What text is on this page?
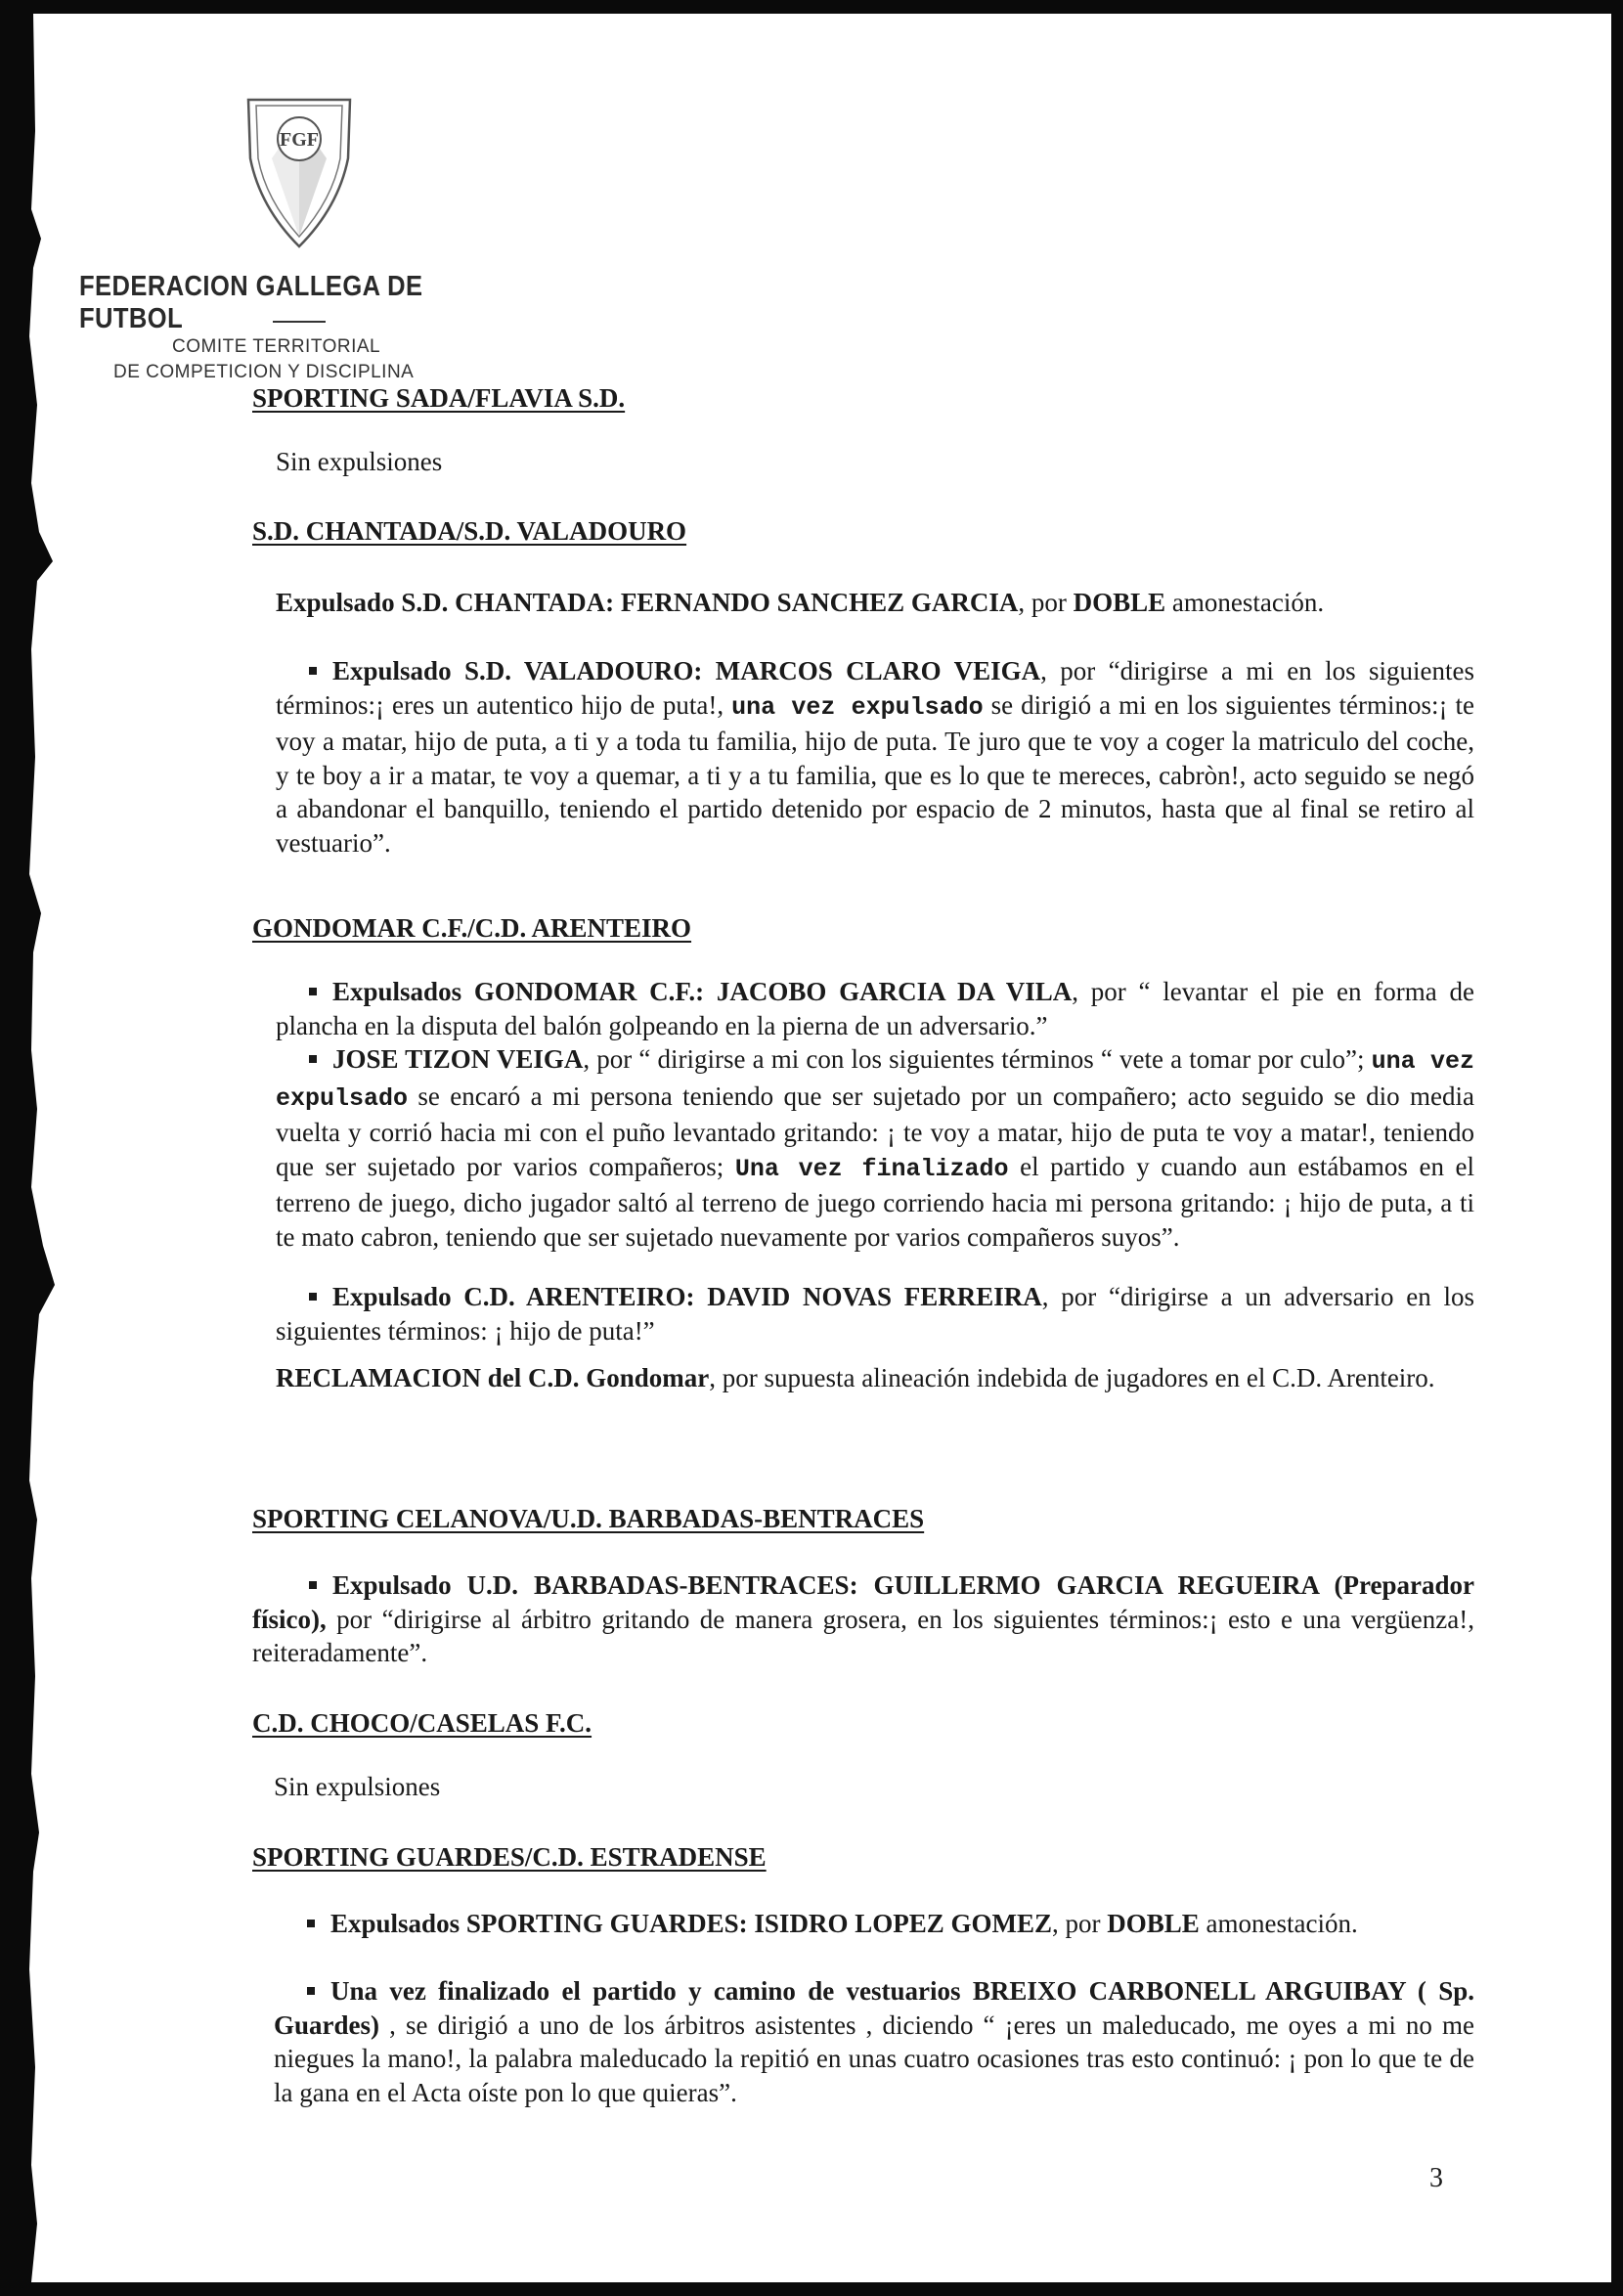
FGF
FEDERACION GALLEGA DE FUTBOL
COMITE TERRITORIAL
DE COMPETICION Y DISCIPLINA
SPORTING SADA/FLAVIA S.D.
Sin expulsiones
S.D. CHANTADA/S.D. VALADOURO
Expulsado S.D. CHANTADA: FERNANDO SANCHEZ GARCIA, por DOBLE amonestación.
Expulsado S.D. VALADOURO: MARCOS CLARO VEIGA, por “dirigirse a mi en los siguientes términos:¡ eres un autentico hijo de puta!, una vez expulsado se dirigió a mi en los siguientes términos:¡ te voy a matar, hijo de puta, a ti y a toda tu familia, hijo de puta. Te juro que te voy a coger la matriculo del coche, y te boy a ir a matar, te voy a quemar, a ti y a tu familia, que es lo que te mereces, cabròn!, acto seguido se negó a abandonar el banquillo, teniendo el partido detenido por espacio de 2 minutos, hasta que al final se retiro al vestuario”.
GONDOMAR C.F./C.D. ARENTEIRO
Expulsados GONDOMAR C.F.: JACOBO GARCIA DA VILA, por “ levantar el pie en forma de plancha en la disputa del balón golpeando en la pierna de un adversario.”
JOSE TIZON VEIGA, por “ dirigirse a mi con los siguientes términos “ vete a tomar por culo”; una vez expulsado se encaró a mi persona teniendo que ser sujetado por un compañero; acto seguido se dio media vuelta y corrió hacia mi con el puño levantado gritando: ¡ te voy a matar, hijo de puta te voy a matar!, teniendo que ser sujetado por varios compañeros; Una vez finalizado el partido y cuando aun estábamos en el terreno de juego, dicho jugador saltó al terreno de juego corriendo hacia mi persona gritando: ¡ hijo de puta, a ti te mato cabron, teniendo que ser sujetado nuevamente por varios compañeros suyos”.
Expulsado C.D. ARENTEIRO: DAVID NOVAS FERREIRA, por “dirigirse a un adversario en los siguientes términos: ¡ hijo de puta!”
RECLAMACION del C.D. Gondomar, por supuesta alineación indebida de jugadores en el C.D. Arenteiro.
SPORTING CELANOVA/U.D. BARBADAS-BENTRACES
Expulsado U.D. BARBADAS-BENTRACES: GUILLERMO GARCIA REGUEIRA (Preparador físico), por “dirigirse al árbitro gritando de manera grosera, en los siguientes términos:¡ esto e una vergüenza!, reiteradamente”.
C.D. CHOCO/CASELAS F.C.
Sin expulsiones
SPORTING GUARDES/C.D. ESTRADENSE
Expulsados SPORTING GUARDES: ISIDRO LOPEZ GOMEZ, por DOBLE amonestación.
Una vez finalizado el partido y camino de vestuarios BREIXO CARBONELL ARGUIBAY ( Sp. Guardes) , se dirigió a uno de los árbitros asistentes , diciendo “ ¡eres un maleducado, me oyes a mi no me niegues la mano!, la palabra maleducado la repitió en unas cuatro ocasiones tras esto continuó: ¡ pon lo que te de la gana en el Acta oíste pon lo que quieras”.
3
